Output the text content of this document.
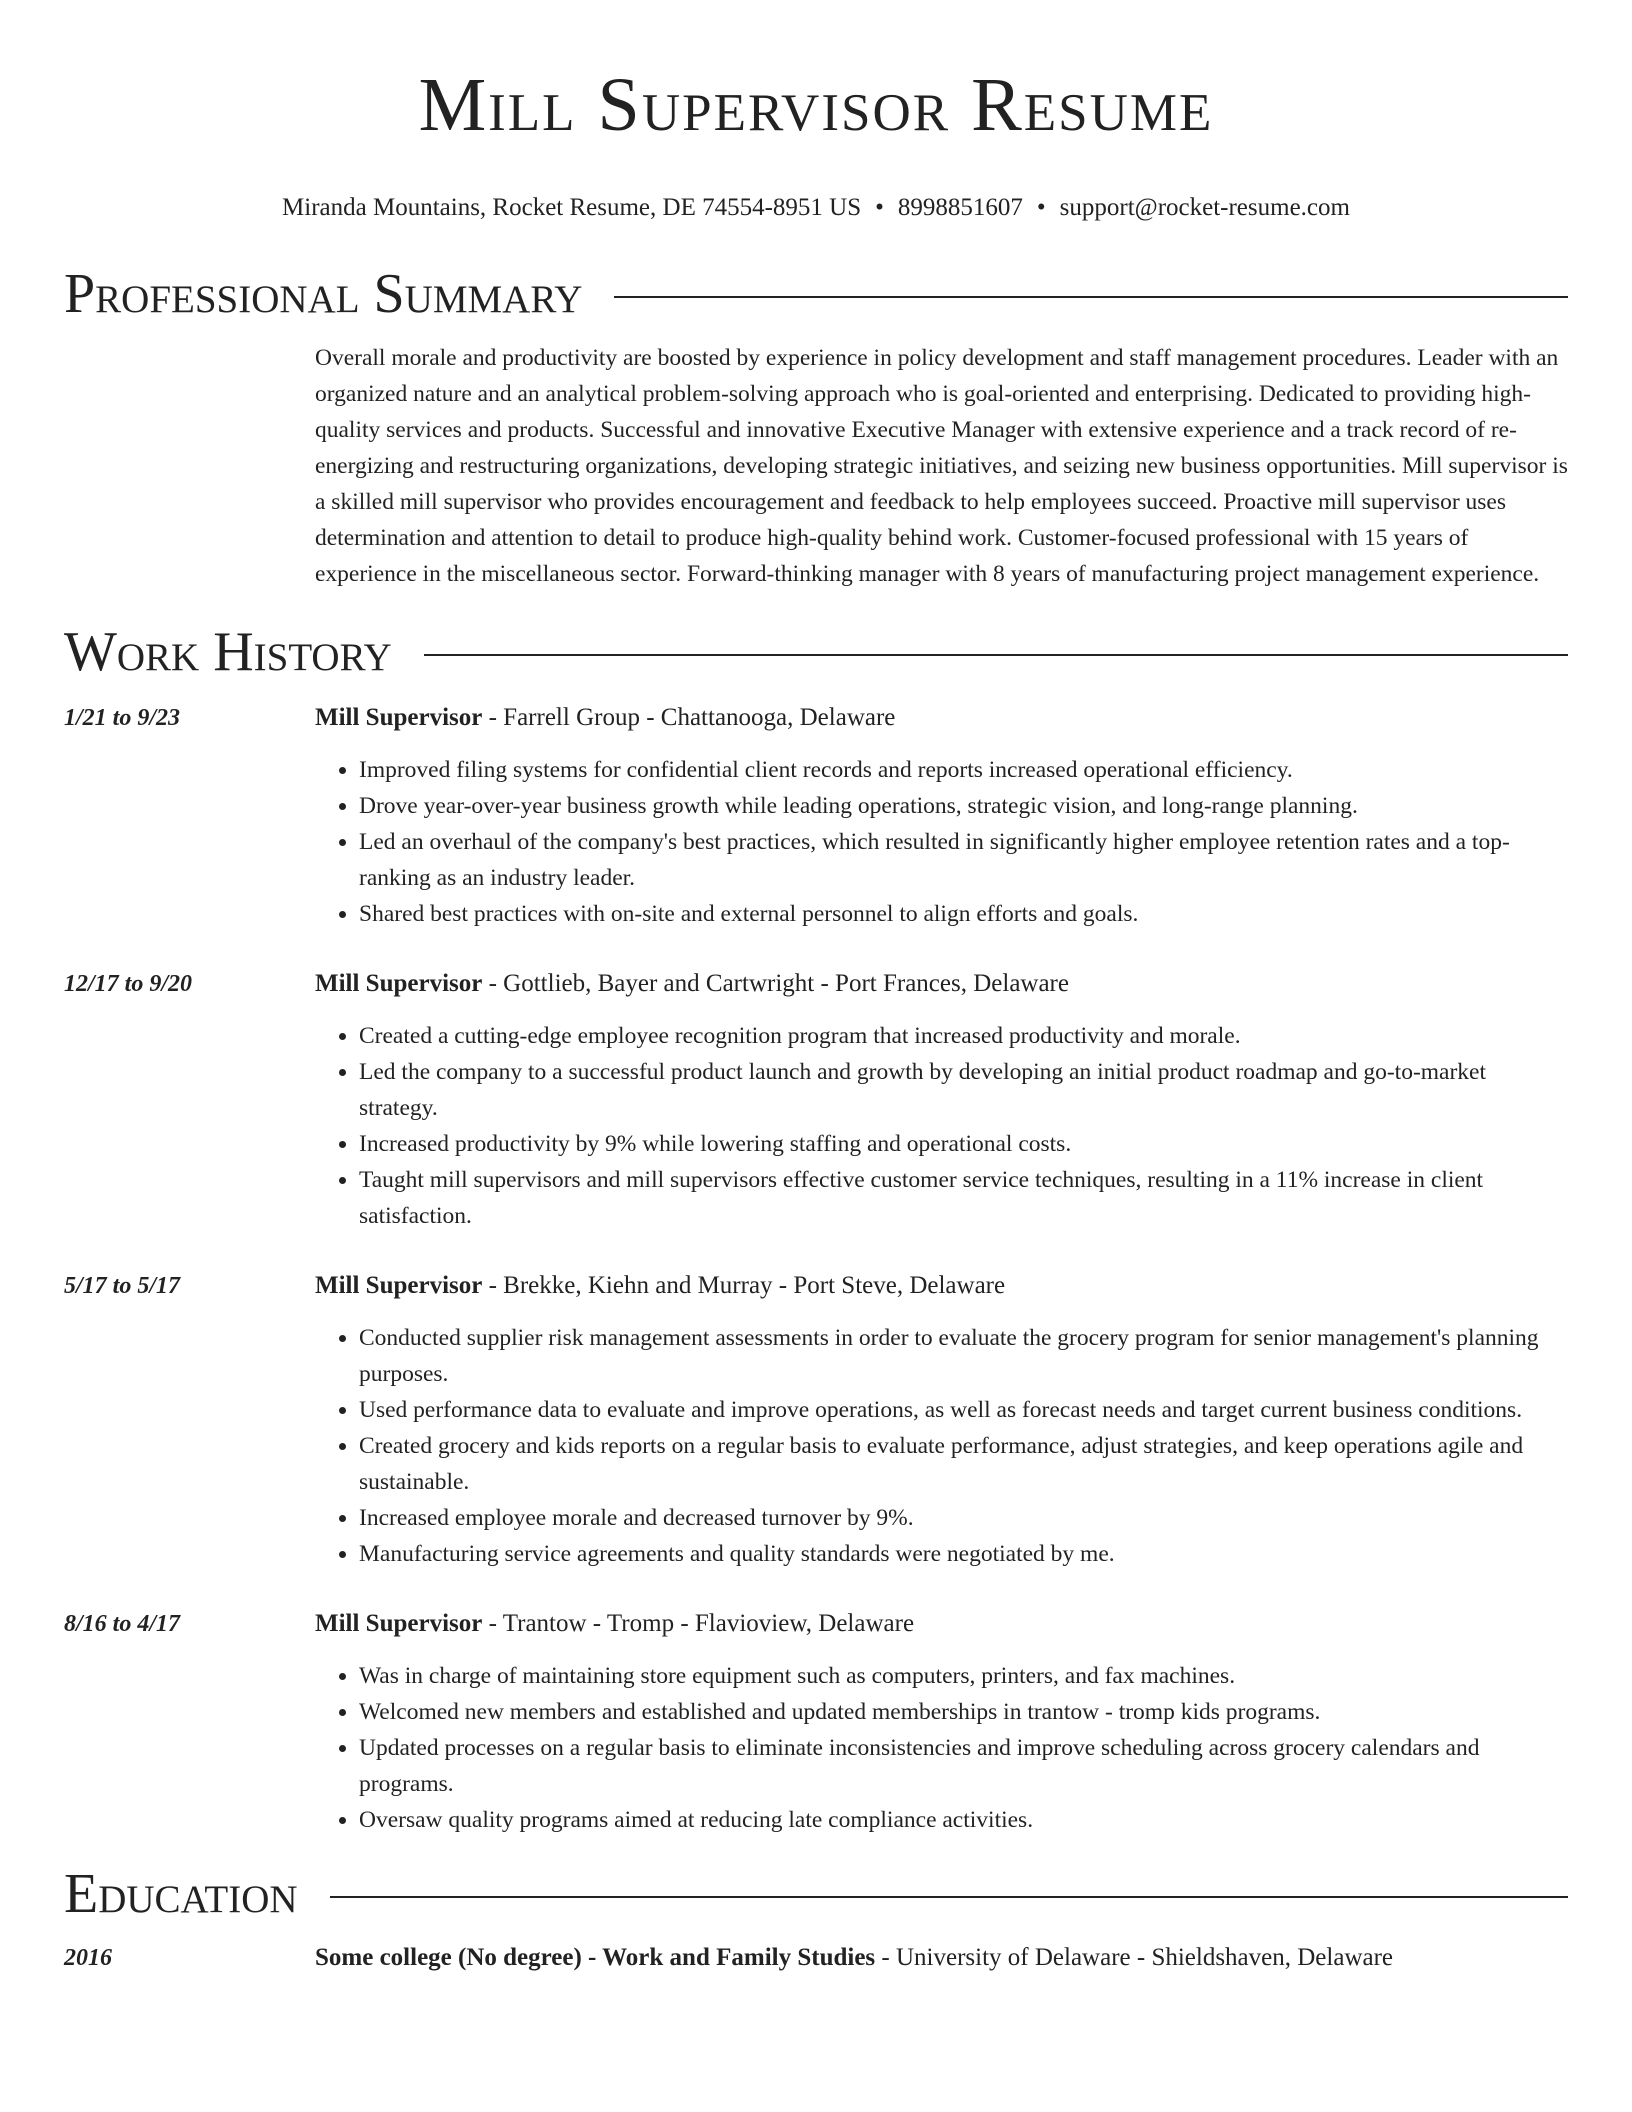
Mill Supervisor Resume
Miranda Mountains, Rocket Resume, DE 74554-8951 US • 8998851607 • support@rocket-resume.com
Professional Summary

Overall morale and productivity are boosted by experience in policy development and staff management procedures. Leader with an organized nature and an analytical problem-solving approach who is goal-oriented and enterprising. Dedicated to providing high-quality services and products. Successful and innovative Executive Manager with extensive experience and a track record of re-energizing and restructuring organizations, developing strategic initiatives, and seizing new business opportunities. Mill supervisor is a skilled mill supervisor who provides encouragement and feedback to help employees succeed. Proactive mill supervisor uses determination and attention to detail to produce high-quality behind work. Customer-focused professional with 15 years of experience in the miscellaneous sector. Forward-thinking manager with 8 years of manufacturing project management experience.

Work History
1/21 to 9/23	Mill Supervisor - Farrell Group - Chattanooga, Delaware
• Improved filing systems for confidential client records and reports increased operational efficiency.
• Drove year-over-year business growth while leading operations, strategic vision, and long-range planning.
• Led an overhaul of the company's best practices, which resulted in significantly higher employee retention rates and a top-ranking as an industry leader.
• Shared best practices with on-site and external personnel to align efforts and goals.
12/17 to 9/20	Mill Supervisor - Gottlieb, Bayer and Cartwright - Port Frances, Delaware
• Created a cutting-edge employee recognition program that increased productivity and morale.
• Led the company to a successful product launch and growth by developing an initial product roadmap and go-to-market strategy.
• Increased productivity by 9% while lowering staffing and operational costs.
• Taught mill supervisors and mill supervisors effective customer service techniques, resulting in a 11% increase in client satisfaction.
5/17 to 5/17	Mill Supervisor - Brekke, Kiehn and Murray - Port Steve, Delaware
• Conducted supplier risk management assessments in order to evaluate the grocery program for senior management's planning purposes.
• Used performance data to evaluate and improve operations, as well as forecast needs and target current business conditions.
• Created grocery and kids reports on a regular basis to evaluate performance, adjust strategies, and keep operations agile and sustainable.
• Increased employee morale and decreased turnover by 9%.
• Manufacturing service agreements and quality standards were negotiated by me.
8/16 to 4/17	Mill Supervisor - Trantow - Tromp - Flavioview, Delaware
• Was in charge of maintaining store equipment such as computers, printers, and fax machines.
• Welcomed new members and established and updated memberships in trantow - tromp kids programs.
• Updated processes on a regular basis to eliminate inconsistencies and improve scheduling across grocery calendars and programs.
• Oversaw quality programs aimed at reducing late compliance activities.
Education
2016	Some college (No degree) - Work and Family Studies - University of Delaware - Shieldshaven, Delaware
